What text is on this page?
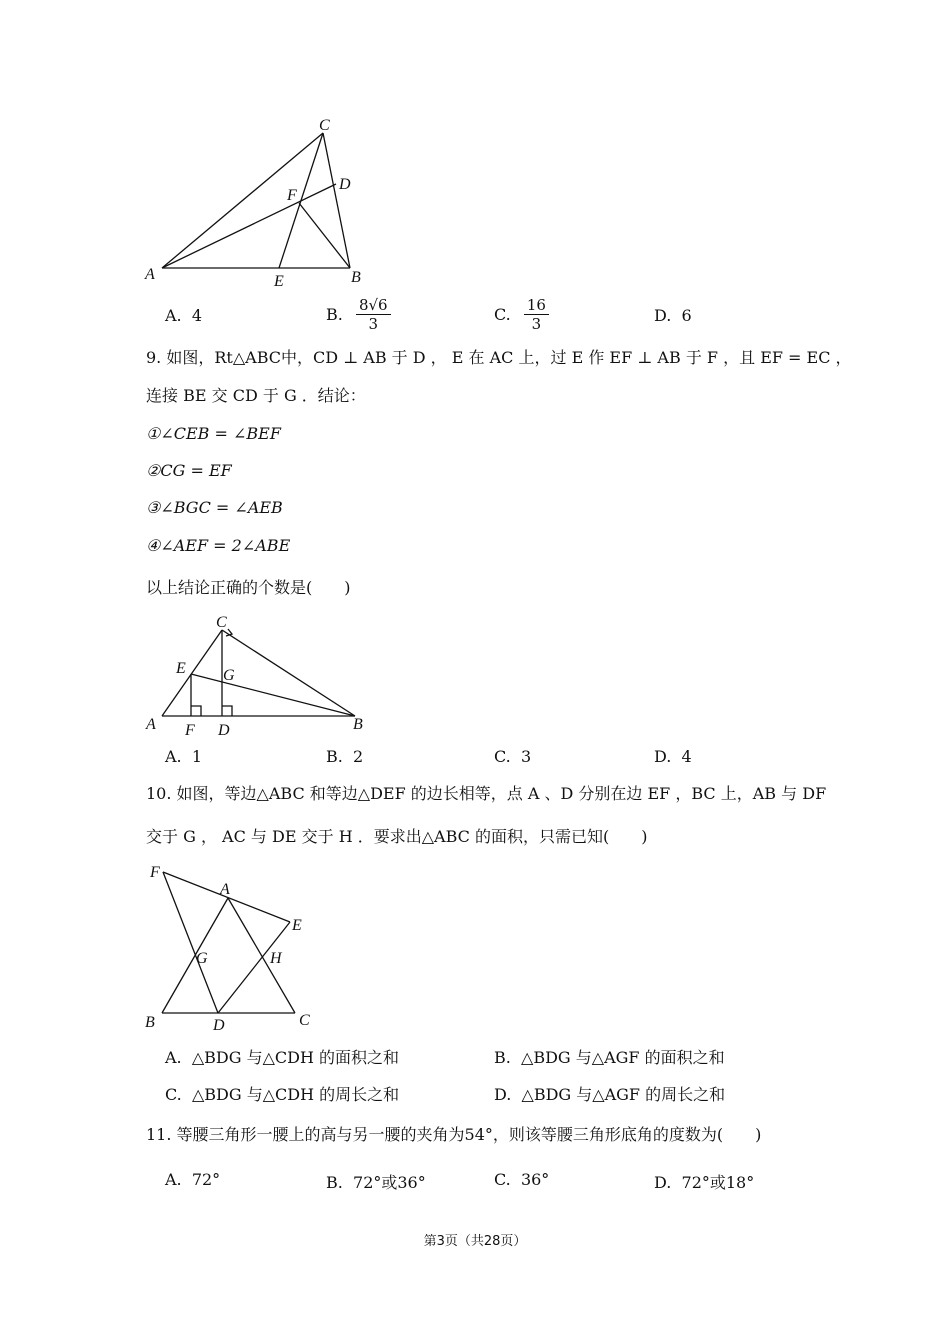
C
D
F
A	E	B
A. 4	B. $\frac{8√6}{3}$	C. $\frac{16}{3}$	D. 6
9. 如图，Rt△ABC中，CD ⊥ AB 于 D ， E 在 AC 上，过 E 作 EF ⊥ AB 于 F ，且 EF = EC ，
连接 BE 交 CD 于 G ．结论：
①∠CEB = ∠BEF
②CG = EF
③∠BGC = ∠AEB
④∠AEF = 2∠ABE
以上结论正确的个数是(　　)
C
E G
A F D	B
A. 1	B. 2	C. 3	D. 4
10. 如图，等边△ABC 和等边△DEF 的边长相等，点 A 、D 分别在边 EF ，BC 上，AB 与 DF
交于 G ， AC 与 DE 交于 H ．要求出△ABC 的面积，只需已知(　　)
F
A
E
G	H
B	D	C
A. △BDG 与△CDH 的面积之和	B. △BDG 与△AGF 的面积之和
C. △BDG 与△CDH 的周长之和	D. △BDG 与△AGF 的周长之和
11. 等腰三角形一腰上的高与另一腰的夹角为54°，则该等腰三角形底角的度数为(　　)
A. 72°	B. 72°或36°	C. 36°	D. 72°或18°
第3页（共28页）
